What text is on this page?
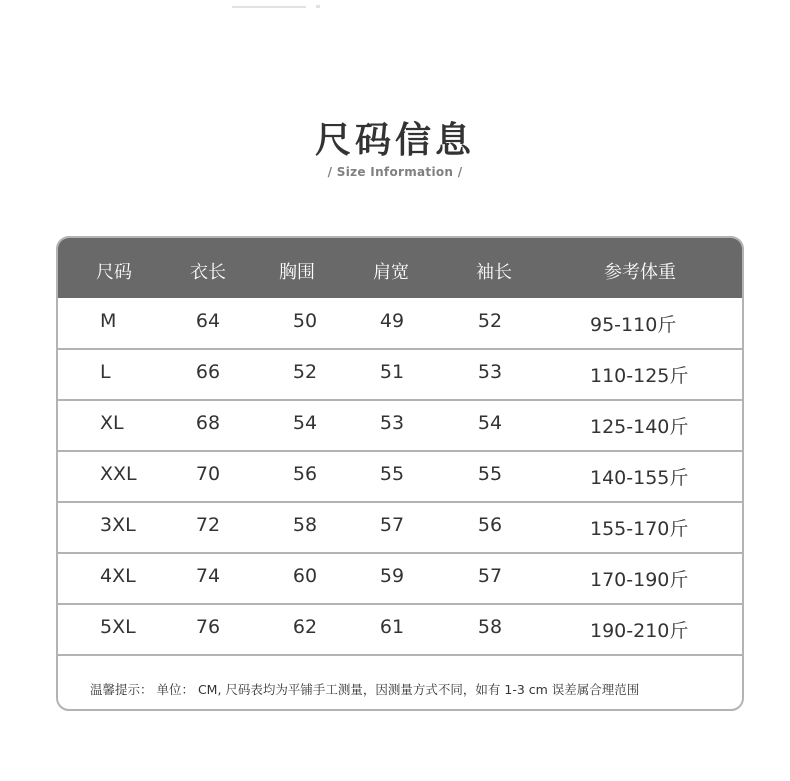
尺码信息
/ Size Information /
尺码	衣长	胸围	肩宽	袖长	参考体重
M	64	50	49	52	95-110斤
L	66	52	51	53	110-125斤
XL	68	54	53	54	125-140斤
XXL	70	56	55	55	140-155斤
3XL	72	58	57	56	155-170斤
4XL	74	60	59	57	170-190斤
5XL	76	62	61	58	190-210斤
温馨提示： 单位： CM, 尺码表均为平铺手工测量，因测量方式不同，如有 1-3 cm 误差属合理范围
